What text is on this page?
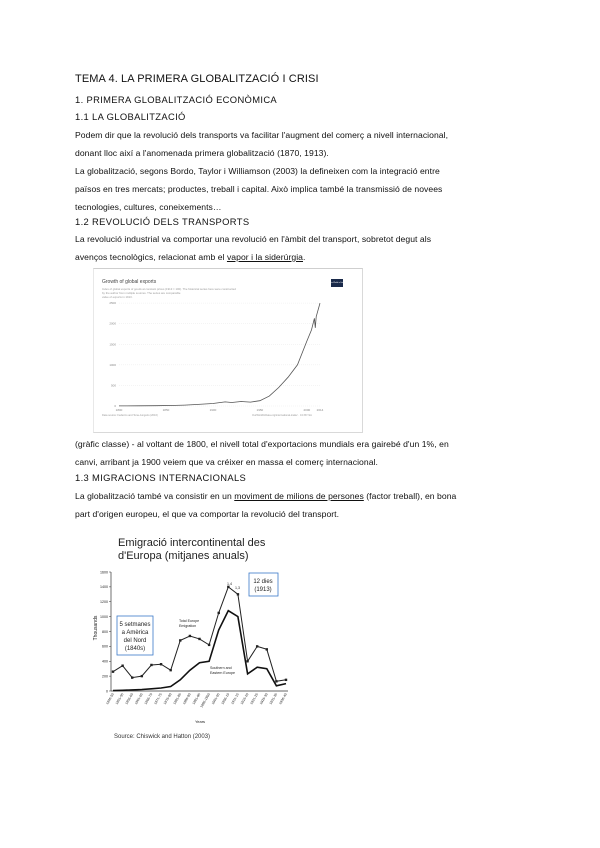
TEMA 4. LA PRIMERA GLOBALITZACIÓ I CRISI
1. PRIMERA GLOBALITZACIÓ ECONÒMICA
1.1 LA GLOBALITZACIÓ
Podem dir que la revolució dels transports va facilitar l'augment del comerç a nivell internacional,
donant lloc així a l'anomenada primera globalització (1870, 1913).
La globalització, segons Bordo, Taylor i Williamson (2003) la defineixen com la integració entre
països en tres mercats; productes, treball i capital. Això implica també la transmissió de novees
tecnologies, cultures, coneixements…
1.2 REVOLUCIÓ DELS TRANSPORTS
La revolució industrial va comportar una revolució en l'àmbit del transport, sobretot degut als
avenços tecnològics, relacionat amb el vapor i la siderúrgia.
Growth of global exports
Index of global exports of goods at constant prices (1913 = 100). The historical series here were constructed
by the author from multiple sources. The series are comparable
value of exports in 1913.
Our World in Data
2500
2000
1500
1000
500
0
1800	1850	1900	1950	2000 2014
Data source: Federico and Tena-Junguito (2016)	OurWorldInData.org/international-trade/ · CC BY-SA
(gràfic classe) - al voltant de 1800, el nivell total d'exportacions mundials era gairebé d'un 1%, en
canvi, arribant ja 1900 veiem que va créixer en massa el comerç internacional.
1.3 MIGRACIONS INTERNACIONALS
La globalització també va consistir en un moviment de milions de persones (factor treball), en bona
part d'origen europeu, el que va comportar la revolució del transport.
Emigració intercontinental des
d'Europa (mitjanes anuals)
Thousands
1600
1400
1200
1000
800
600
400
200
0
1846-50 1851-55 1856-60 1861-65 1866-70 1871-75 1876-80 1881-85 1886-90 1891-95
1896-1900 1901-05 1906-10 1911-15 1916-20 1921-25 1926-30 1931-35 1936-40
Total Europe
Emigration
Southern and
Eastern Europe
1,4
1,3
5 setmanes
a Amèrica
del Nord
(1840s)
12 dies
(1913)
Years
Source: Chiswick and Hatton (2003)
